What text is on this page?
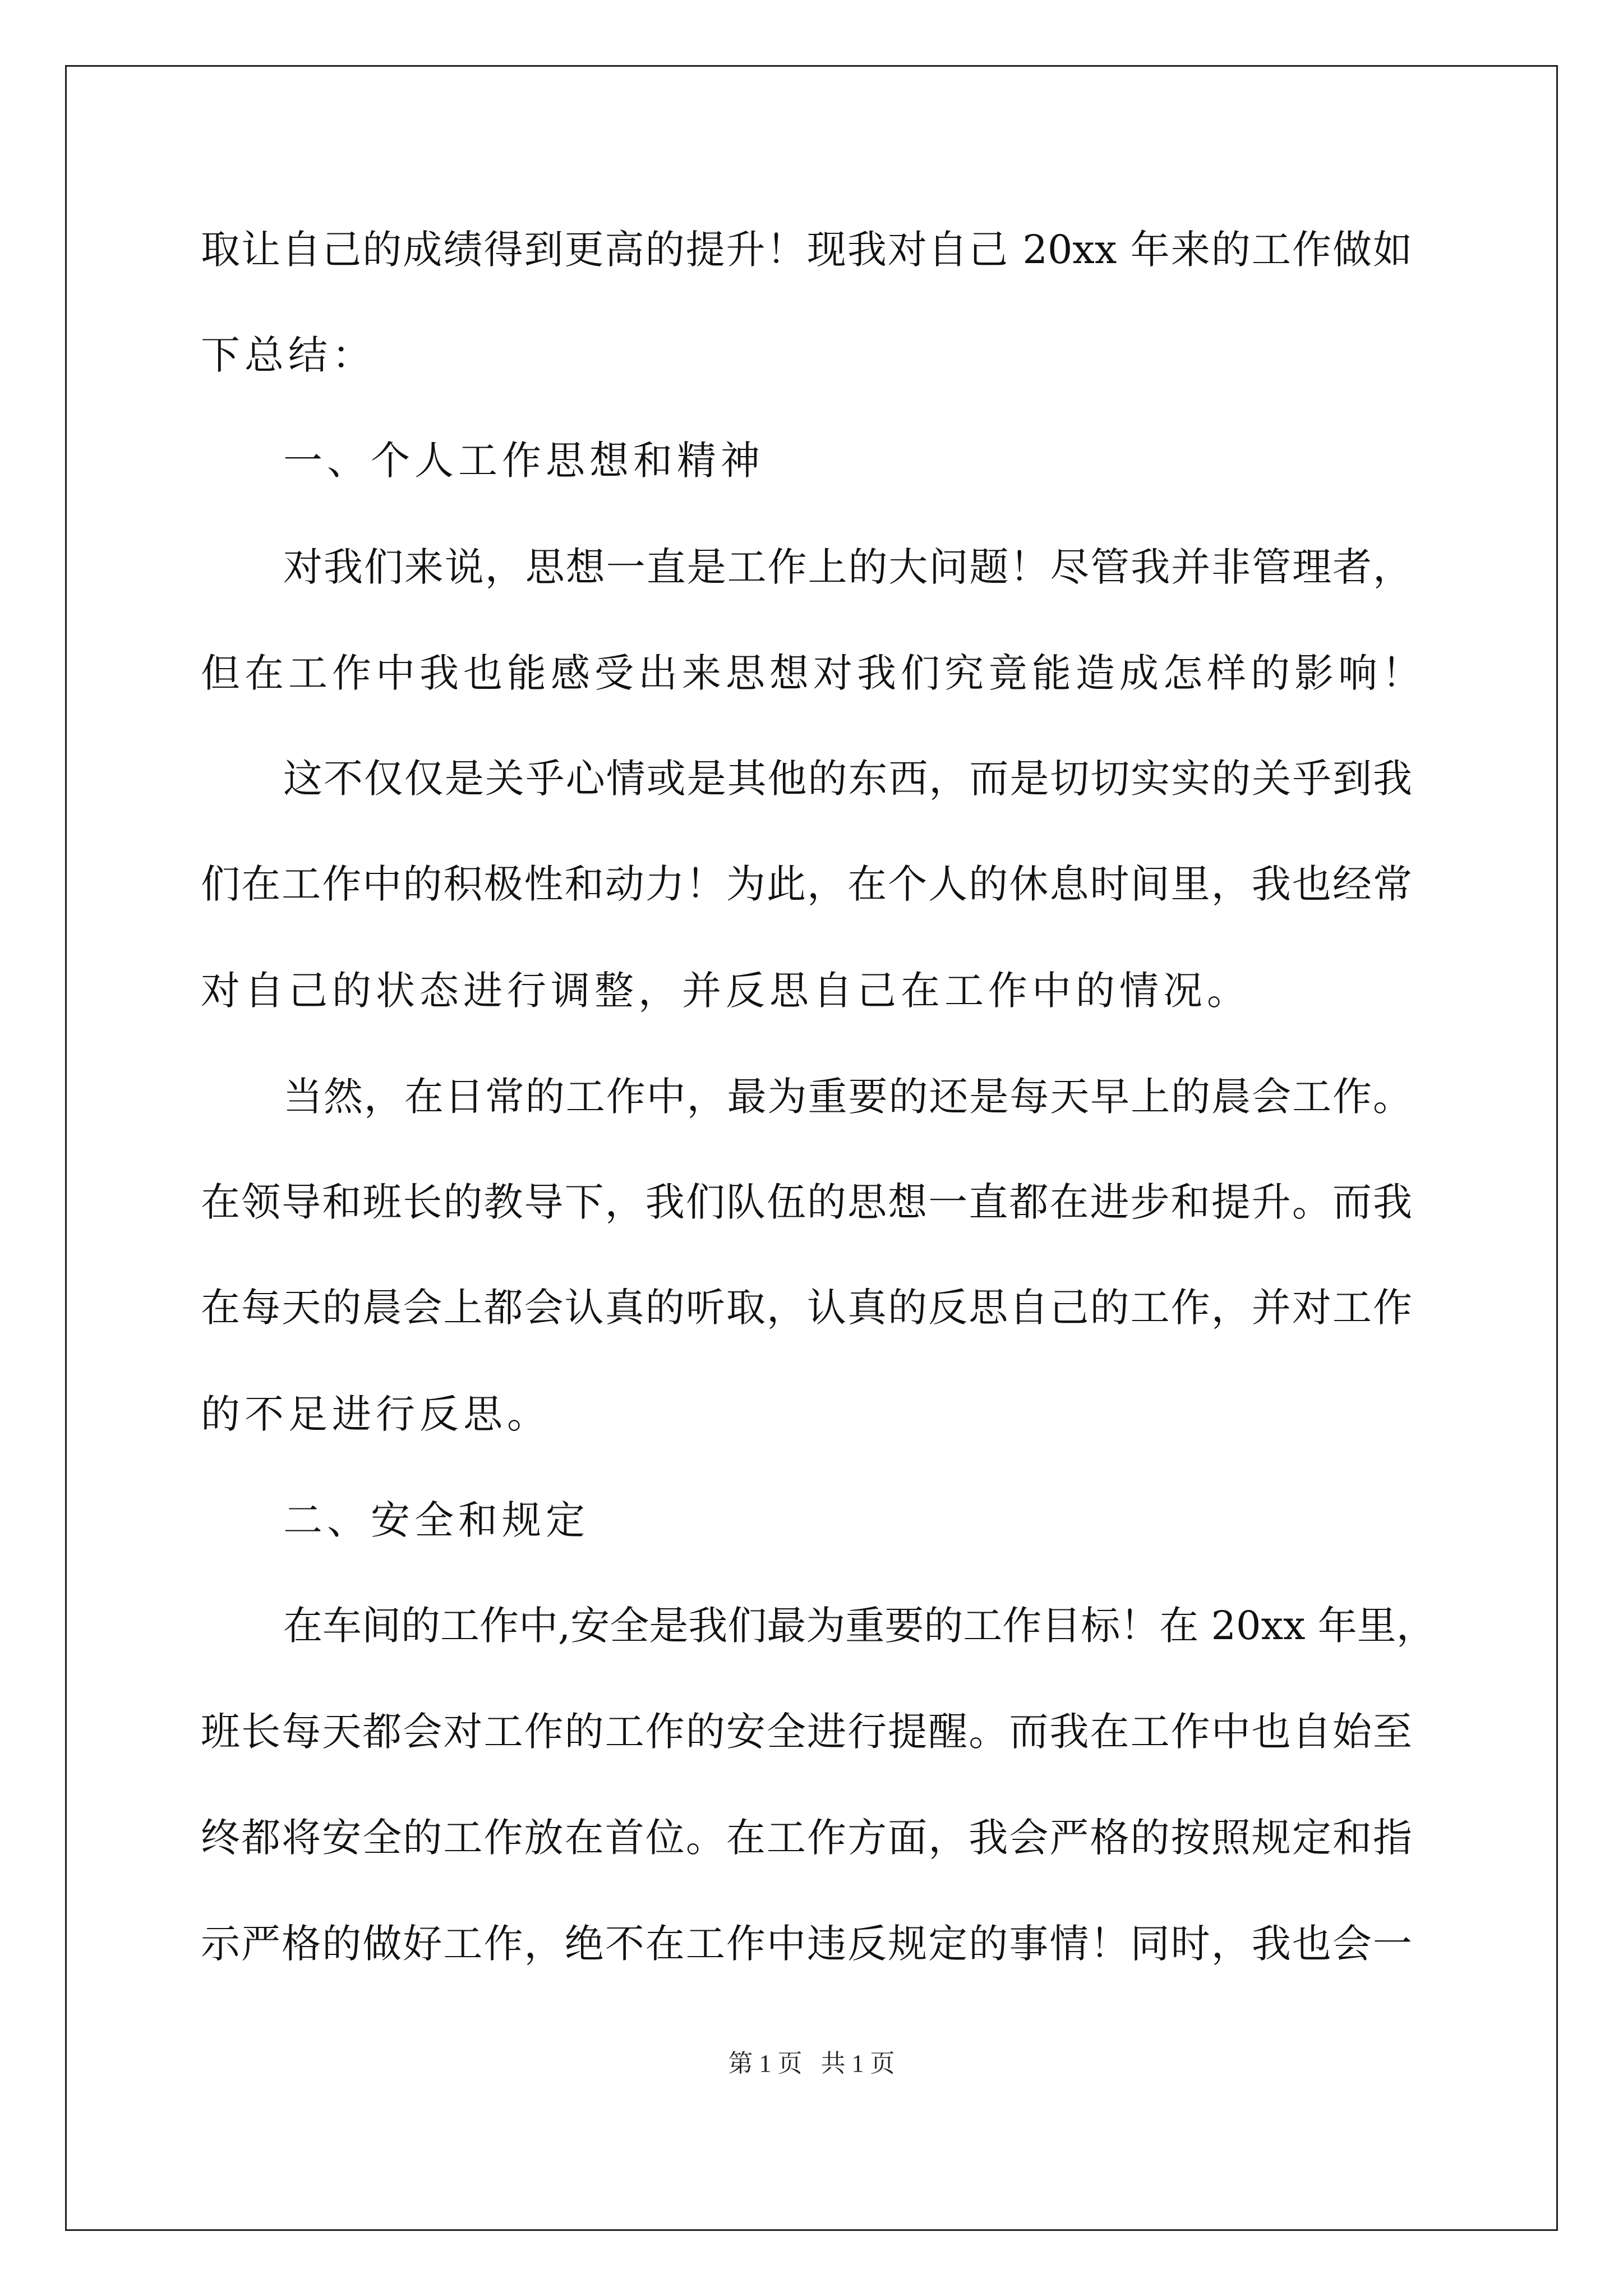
取让自己的成绩得到更高的提升！现我对自己 20xx 年来的工作做如
下总结：
一、个人工作思想和精神
对我们来说，思想一直是工作上的大问题！尽管我并非管理者，
但在工作中我也能感受出来思想对我们究竟能造成怎样的影响！
这不仅仅是关乎心情或是其他的东西，而是切切实实的关乎到我
们在工作中的积极性和动力！为此，在个人的休息时间里，我也经常
对自己的状态进行调整，并反思自己在工作中的情况。
当然，在日常的工作中，最为重要的还是每天早上的晨会工作。
在领导和班长的教导下，我们队伍的思想一直都在进步和提升。而我
在每天的晨会上都会认真的听取，认真的反思自己的工作，并对工作
的不足进行反思。
二、安全和规定
在车间的工作中,安全是我们最为重要的工作目标！在 20xx 年里，
班长每天都会对工作的工作的安全进行提醒。而我在工作中也自始至
终都将安全的工作放在首位。在工作方面，我会严格的按照规定和指
示严格的做好工作，绝不在工作中违反规定的事情！同时，我也会一
第 1 页   共 1 页
